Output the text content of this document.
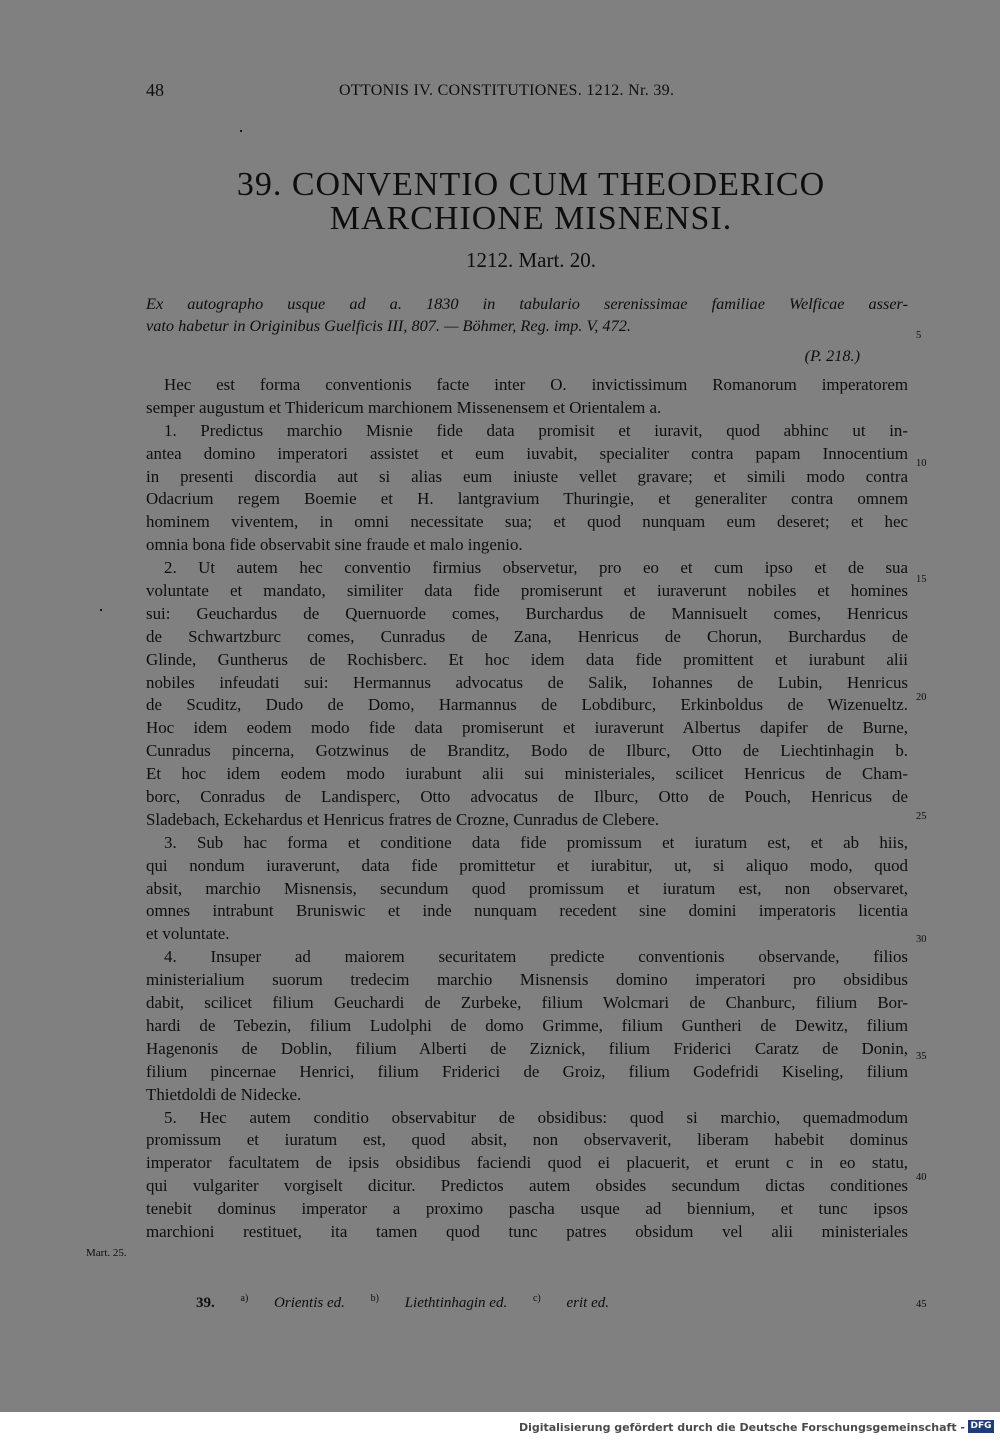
48	OTTONIS IV. CONSTITUTIONES. 1212. Nr. 39.
39. CONVENTIO CUM THEODERICO
MARCHIONE MISNENSI.
1212. Mart. 20.
Ex autographo usque ad a. 1830 in tabulario serenissimae familiae Welficae asser-
vato habetur in Originibus Guelficis III, 807. — Böhmer, Reg. imp. V, 472.
(P. 218.)
Hec est forma conventionis facte inter O. invictissimum Romanorum imperatorem
semper augustum et Thidericum marchionem Missenensem et Orientalem a.
1. Predictus marchio Misnie fide data promisit et iuravit, quod abhinc ut in-
antea domino imperatori assistet et eum iuvabit, specialiter contra papam Innocentium
in presenti discordia aut si alias eum iniuste vellet gravare; et simili modo contra
Odacrium regem Boemie et H. lantgravium Thuringie, et generaliter contra omnem
hominem viventem, in omni necessitate sua; et quod nunquam eum deseret; et hec
omnia bona fide observabit sine fraude et malo ingenio.
2. Ut autem hec conventio firmius observetur, pro eo et cum ipso et de sua
voluntate et mandato, similiter data fide promiserunt et iuraverunt nobiles et homines
sui: Geuchardus de Quernuorde comes, Burchardus de Mannisuelt comes, Henricus
de Schwartzburc comes, Cunradus de Zana, Henricus de Chorun, Burchardus de
Glinde, Guntherus de Rochisberc. Et hoc idem data fide promittent et iurabunt alii
nobiles infeudati sui: Hermannus advocatus de Salik, Iohannes de Lubin, Henricus
de Scuditz, Dudo de Domo, Harmannus de Lobdiburc, Erkinboldus de Wizenueltz.
Hoc idem eodem modo fide data promiserunt et iuraverunt Albertus dapifer de Burne,
Cunradus pincerna, Gotzwinus de Branditz, Bodo de Ilburc, Otto de Liechtinhagin b.
Et hoc idem eodem modo iurabunt alii sui ministeriales, scilicet Henricus de Cham-
borc, Conradus de Landisperc, Otto advocatus de Ilburc, Otto de Pouch, Henricus de
Sladebach, Eckehardus et Henricus fratres de Crozne, Cunradus de Clebere.
3. Sub hac forma et conditione data fide promissum et iuratum est, et ab hiis,
qui nondum iuraverunt, data fide promittetur et iurabitur, ut, si aliquo modo, quod
absit, marchio Misnensis, secundum quod promissum et iuratum est, non observaret,
omnes intrabunt Bruniswic et inde nunquam recedent sine domini imperatoris licentia
et voluntate.
4. Insuper ad maiorem securitatem predicte conventionis observande, filios
ministerialium suorum tredecim marchio Misnensis domino imperatori pro obsidibus
dabit, scilicet filium Geuchardi de Zurbeke, filium Wolcmari de Chanburc, filium Bor-
hardi de Tebezin, filium Ludolphi de domo Grimme, filium Guntheri de Dewitz, filium
Hagenonis de Doblin, filium Alberti de Ziznick, filium Friderici Caratz de Donin,
filium pincernae Henrici, filium Friderici de Groiz, filium Godefridi Kiseling, filium
Thietdoldi de Nidecke.
5. Hec autem conditio observabitur de obsidibus: quod si marchio, quemadmodum
promissum et iuratum est, quod absit, non observaverit, liberam habebit dominus
imperator facultatem de ipsis obsidibus faciendi quod ei placuerit, et erunt c in eo statu,
qui vulgariter vorgiselt dicitur. Predictos autem obsides secundum dictas conditiones
tenebit dominus imperator a proximo pascha usque ad biennium, et tunc ipsos
marchioni restituet, ita tamen quod tunc patres obsidum vel alii ministeriales
5
10
15
20
25
30
35
40
45
Mart. 25.
39.	$^{a)}$ Orientis ed.	$^{b)}$ Liethtinhagin ed.	$^{c)}$ erit ed.
Digitalisierung gefördert durch die Deutsche Forschungsgemeinschaft - DFG
